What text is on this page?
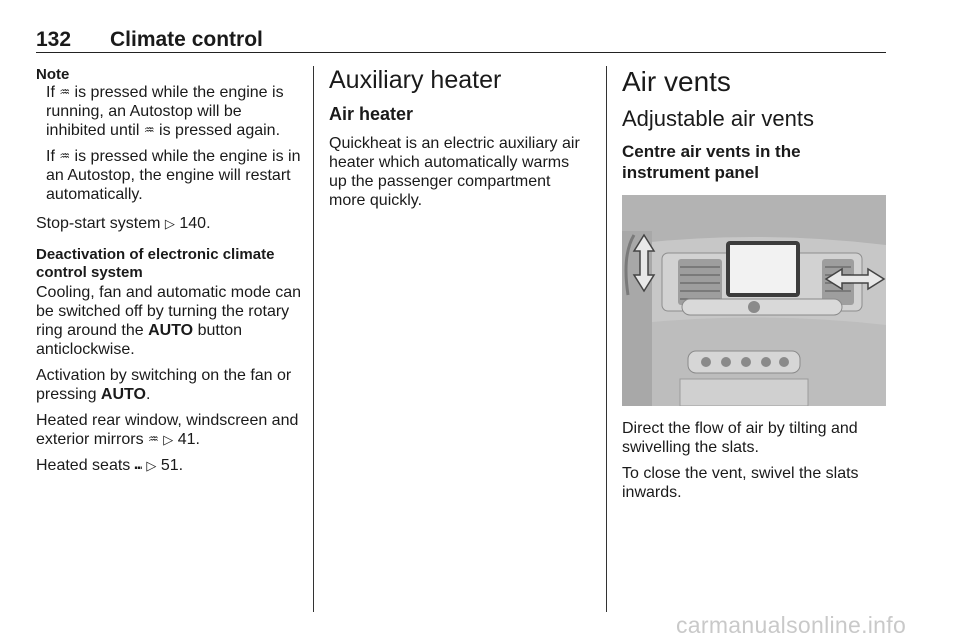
132 Climate control
Note

If ♒ is pressed while the engine is running, an Autostop will be inhibited until ♒ is pressed again.

If ♒ is pressed while the engine is in an Autostop, the engine will restart automatically.

Stop-start system ▷ 140.

Deactivation of electronic climate control system

Cooling, fan and automatic mode can be switched off by turning the rotary ring around the AUTO button anticlockwise.

Activation by switching on the fan or pressing AUTO.

Heated rear window, windscreen and exterior mirrors ♒ ▷ 41.

Heated seats ⑉ ▷ 51.

Auxiliary heater
Air heater

Quickheat is an electric auxiliary air heater which automatically warms up the passenger compartment more quickly.

Air vents
Adjustable air vents
Centre air vents in the instrument panel

Direct the flow of air by tilting and swivelling the slats.

To close the vent, swivel the slats inwards.

carmanualsonline.info
